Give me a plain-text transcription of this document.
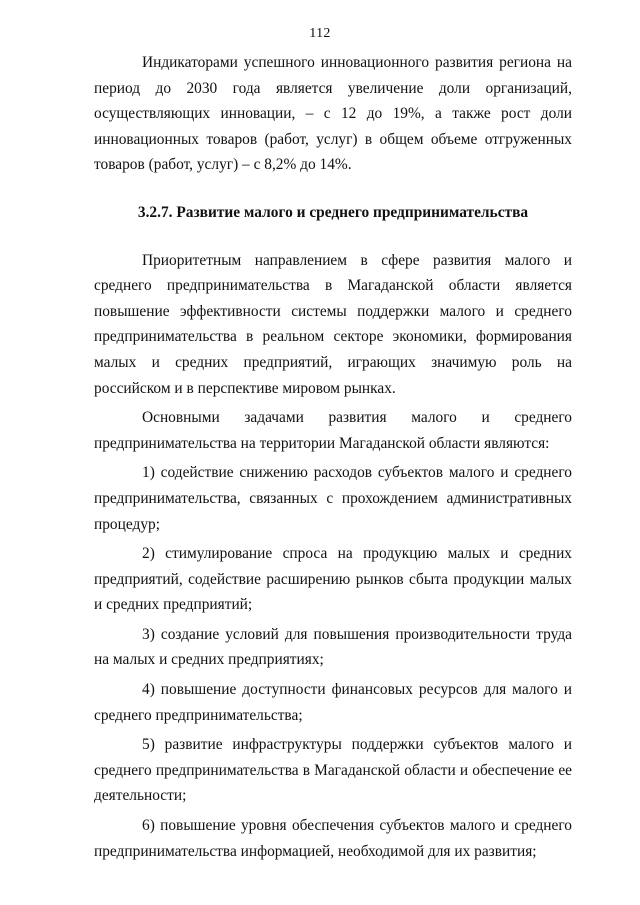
112

Индикаторами успешного инновационного развития региона на период до 2030 года является увеличение доли организаций, осуществляющих инновации, – с 12 до 19%, а также рост доли инновационных товаров (работ, услуг) в общем объеме отгруженных товаров (работ, услуг) – с 8,2% до 14%.

3.2.7. Развитие малого и среднего предпринимательства

Приоритетным направлением в сфере развития малого и среднего предпринимательства в Магаданской области является повышение эффективности системы поддержки малого и среднего предпринимательства в реальном секторе экономики, формирования малых и средних предприятий, играющих значимую роль на российском и в перспективе мировом рынках.

Основными задачами развития малого и среднего предпринимательства на территории Магаданской области являются:

1) содействие снижению расходов субъектов малого и среднего предпринимательства, связанных с прохождением административных процедур;

2) стимулирование спроса на продукцию малых и средних предприятий, содействие расширению рынков сбыта продукции малых и средних предприятий;

3) создание условий для повышения производительности труда на малых и средних предприятиях;

4) повышение доступности финансовых ресурсов для малого и среднего предпринимательства;

5) развитие инфраструктуры поддержки субъектов малого и среднего предпринимательства в Магаданской области и обеспечение ее деятельности;

6) повышение уровня обеспечения субъектов малого и среднего предпринимательства информацией, необходимой для их развития;
